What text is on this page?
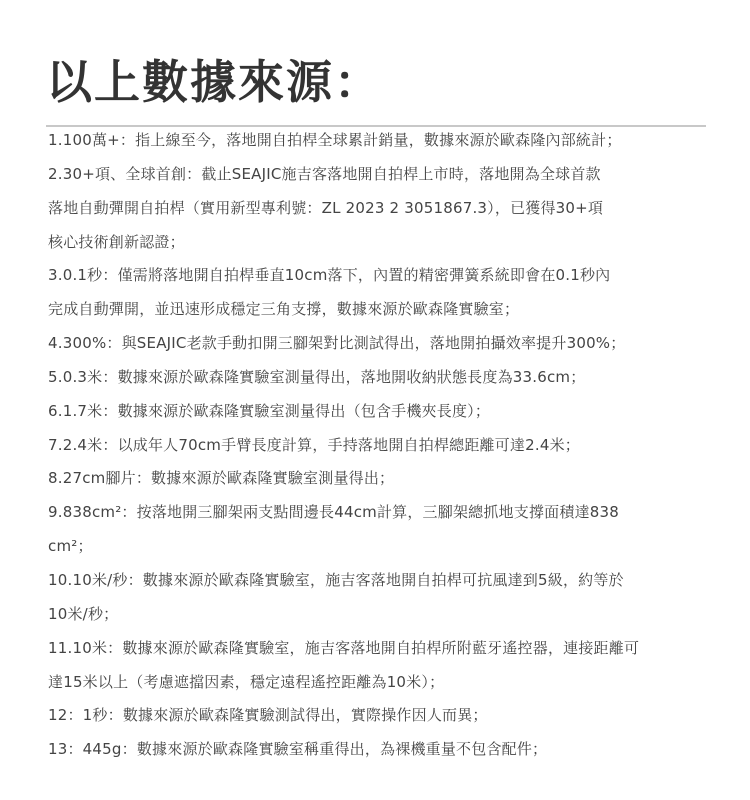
以上數據來源：
1.100萬+：指上線至今，落地開自拍桿全球累計銷量，數據來源於歐森隆內部統計；
2.30+項、全球首創：截止SEAJIC施吉客落地開自拍桿上市時，落地開為全球首款
落地自動彈開自拍桿（實用新型專利號：ZL 2023 2 3051867.3），已獲得30+項
核心技術創新認證；
3.0.1秒：僅需將落地開自拍桿垂直10cm落下，內置的精密彈簧系統即會在0.1秒內
完成自動彈開，並迅速形成穩定三角支撐，數據來源於歐森隆實驗室；
4.300%：與SEAJIC老款手動扣開三腳架對比測試得出，落地開拍攝效率提升300%；
5.0.3米：數據來源於歐森隆實驗室測量得出，落地開收納狀態長度為33.6cm；
6.1.7米：數據來源於歐森隆實驗室測量得出（包含手機夾長度）；
7.2.4米：以成年人70cm手臂長度計算，手持落地開自拍桿總距離可達2.4米；
8.27cm腳片：數據來源於歐森隆實驗室測量得出；
9.838cm²：按落地開三腳架兩支點間邊長44cm計算，三腳架總抓地支撐面積達838
cm²；
10.10米/秒：數據來源於歐森隆實驗室，施吉客落地開自拍桿可抗風達到5級，約等於
10米/秒；
11.10米：數據來源於歐森隆實驗室，施吉客落地開自拍桿所附藍牙遙控器，連接距離可
達15米以上（考慮遮擋因素，穩定遠程遙控距離為10米）；
12：1秒：數據來源於歐森隆實驗測試得出，實際操作因人而異；
13：445g：數據來源於歐森隆實驗室稱重得出，為裸機重量不包含配件；
